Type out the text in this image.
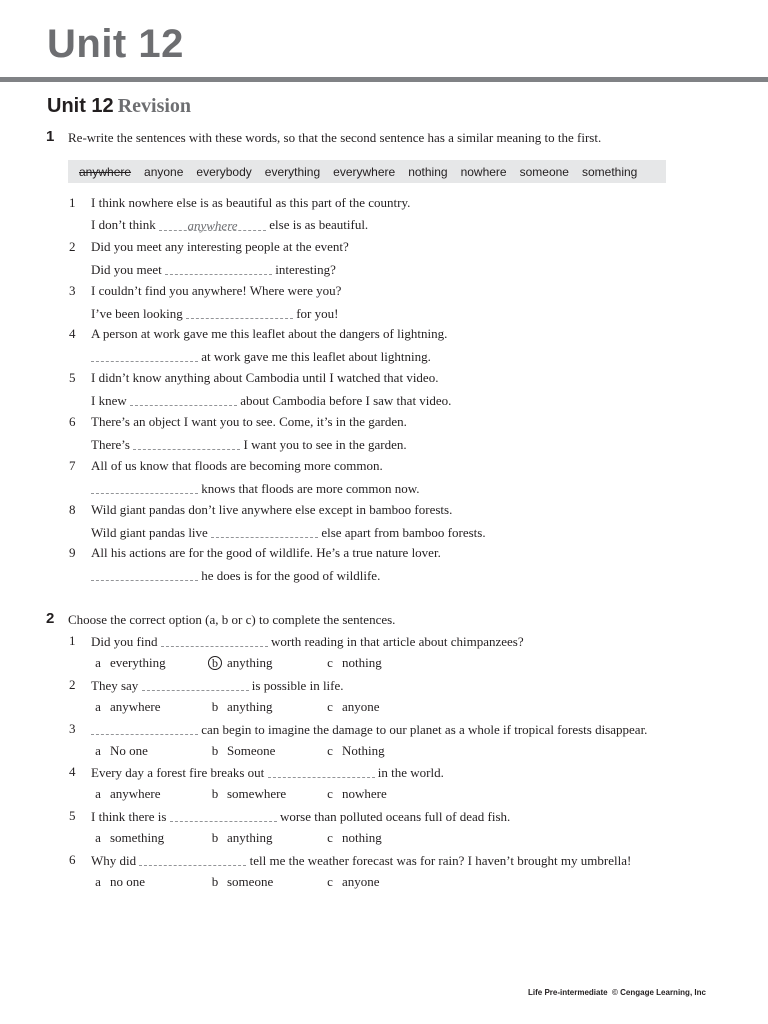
Unit 12
Unit 12 Revision
1 Re-write the sentences with these words, so that the second sentence has a similar meaning to the first.
anywhere anyone everybody everything everywhere nothing nowhere someone something
1 I think nowhere else is as beautiful as this part of the country.
I don’t think anywhere else is as beautiful.
2 Did you meet any interesting people at the event?
Did you meet	interesting?
3 I couldn’t find you anywhere! Where were you?
I’ve been looking	for you!
4 A person at work gave me this leaflet about the dangers of lightning.
at work gave me this leaflet about lightning.
5 I didn’t know anything about Cambodia until I watched that video.
I knew	about Cambodia before I saw that video.
6 There’s an object I want you to see. Come, it’s in the garden.
There’s	I want you to see in the garden.
7 All of us know that floods are becoming more common.
knows that floods are more common now.
8 Wild giant pandas don’t live anywhere else except in bamboo forests.
Wild giant pandas live	else apart from bamboo forests.
9 All his actions are for the good of wildlife. He’s a true nature lover.
he does is for the good of wildlife.
2 Choose the correct option (a, b or c) to complete the sentences.
1 Did you find	worth reading in that article about chimpanzees?
a everything	b anything	c nothing
2 They say	is possible in life.
a anywhere	b anything	c anyone
3	can begin to imagine the damage to our planet as a whole if tropical forests disappear.
a No one	b Someone	c Nothing
4 Every day a forest fire breaks out	in the world.
a anywhere	b somewhere	c nowhere
5 I think there is	worse than polluted oceans full of dead fish.
a something	b anything	c nothing
6 Why did	tell me the weather forecast was for rain? I haven’t brought my umbrella!
a no one	b someone	c anyone
Life Pre-intermediate © Cengage Learning, Inc
